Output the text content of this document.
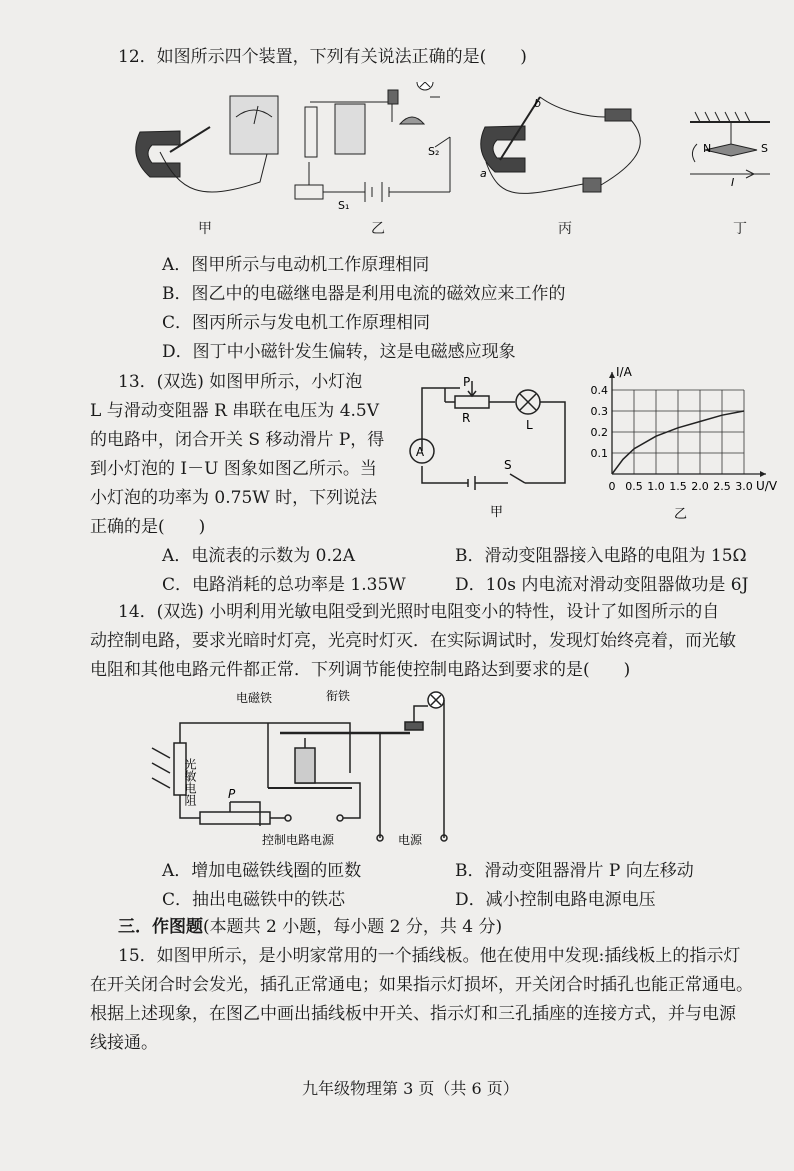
12．如图所示四个装置，下列有关说法正确的是(　　)
S₁
S₂
b
a
N	S
I
甲	乙	丙	丁
A．图甲所示与电动机工作原理相同
B．图乙中的电磁继电器是利用电流的磁效应来工作的
C．图丙所示与发电机工作原理相同
D．图丁中小磁针发生偏转，这是电磁感应现象
13．(双选) 如图甲所示，小灯泡
L 与滑动变阻器 R 串联在电压为 4.5V
的电路中，闭合开关 S 移动滑片 P，得
到小灯泡的 I－U 图象如图乙所示。当
小灯泡的功率为 0.75W 时，下列说法
正确的是(　　)
A
P
R	L
S
甲
0 0.5 1.0 1.5 2.0 2.5 3.0
0.1
0.2
0.3
0.4
U/V
I/A
乙
A．电流表的示数为 0.2A	B．滑动变阻器接入电路的电阻为 15Ω
C．电路消耗的总功率是 1.35W	D．10s 内电流对滑动变阻器做功是 6J
14．(双选) 小明利用光敏电阻受到光照时电阻变小的特性，设计了如图所示的自
动控制电路，要求光暗时灯亮，光亮时灯灭．在实际调试时，发现灯始终亮着，而光敏
电阻和其他电路元件都正常．下列调节能使控制电路达到要求的是(　　)
电磁铁	衔铁
光敏电阻	P
控制电路电源	电源
A．增加电磁铁线圈的匝数	B．滑动变阻器滑片 P 向左移动
C．抽出电磁铁中的铁芯	D．减小控制电路电源电压
三．作图题(本题共 2 小题，每小题 2 分，共 4 分)
15．如图甲所示，是小明家常用的一个插线板。他在使用中发现:插线板上的指示灯
在开关闭合时会发光，插孔正常通电；如果指示灯损坏，开关闭合时插孔也能正常通电。
根据上述现象，在图乙中画出插线板中开关、指示灯和三孔插座的连接方式，并与电源
线接通。
九年级物理第 3 页（共 6 页）
